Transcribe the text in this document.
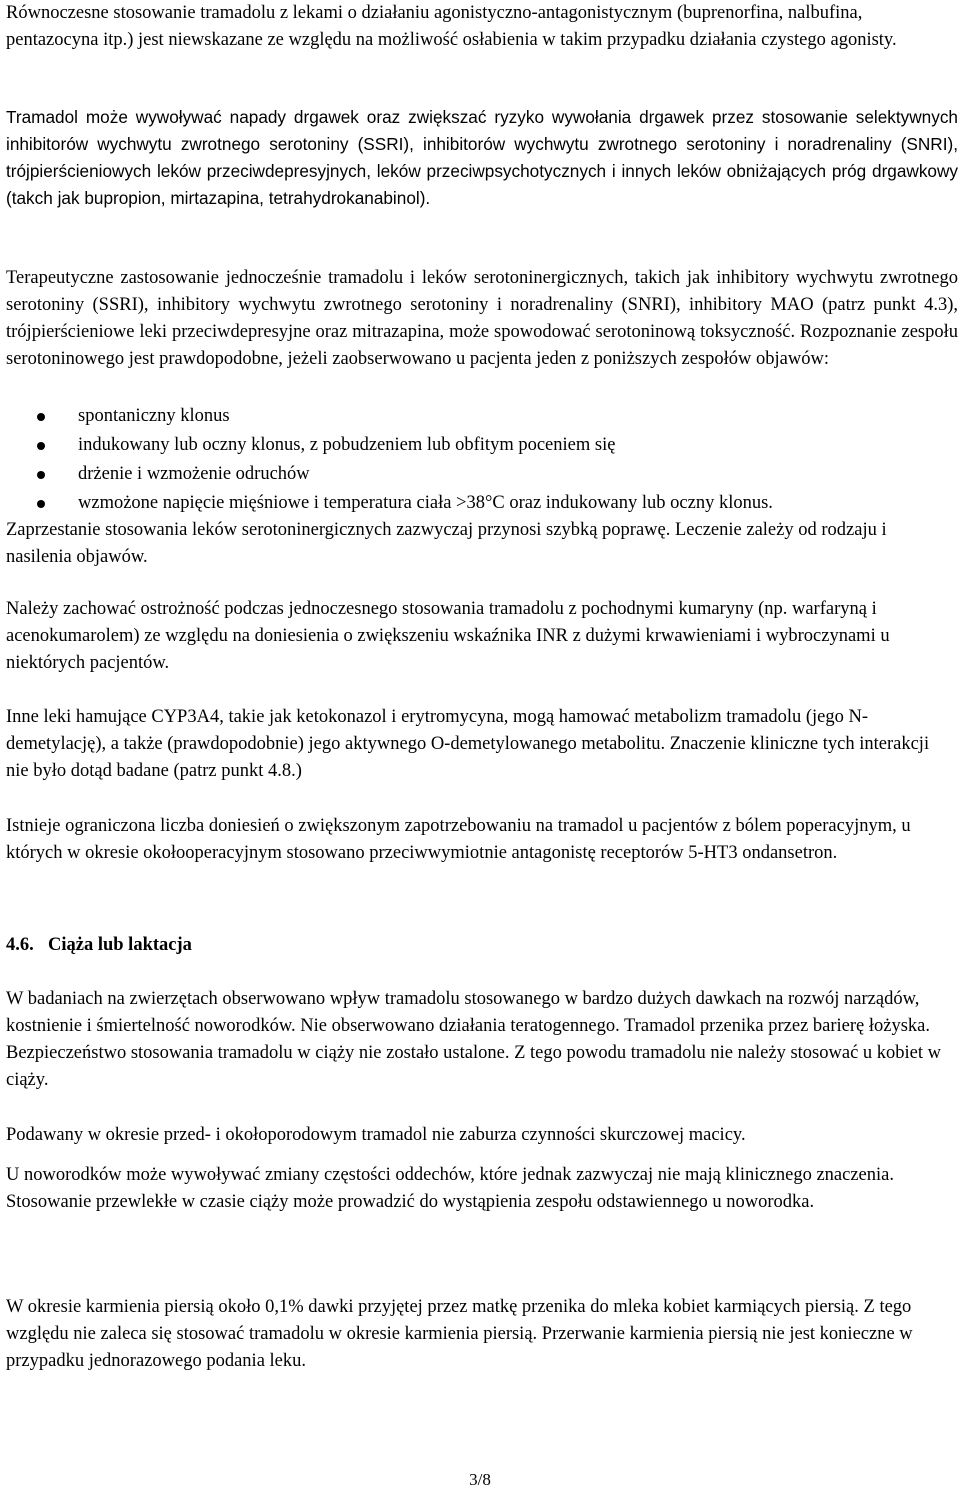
Równoczesne stosowanie tramadolu z lekami o działaniu agonistyczno-antagonistycznym (buprenorfina, nalbufina, pentazocyna itp.) jest niewskazane ze względu na możliwość osłabienia w takim przypadku działania czystego agonisty.

Tramadol może wywoływać napady drgawek oraz zwiększać ryzyko wywołania drgawek przez stosowanie selektywnych inhibitorów wychwytu zwrotnego serotoniny (SSRI), inhibitorów wychwytu zwrotnego serotoniny i noradrenaliny (SNRI), trójpierścieniowych leków przeciwdepresyjnych, leków przeciwpsychotycznych i innych leków obniżających próg drgawkowy (takch jak bupropion, mirtazapina, tetrahydrokanabinol).

Terapeutyczne zastosowanie jednocześnie tramadolu i leków serotoninergicznych, takich jak inhibitory wychwytu zwrotnego serotoniny (SSRI), inhibitory wychwytu zwrotnego serotoniny i noradrenaliny (SNRI), inhibitory MAO (patrz punkt 4.3), trójpierścieniowe leki przeciwdepresyjne oraz mitrazapina, może spowodować serotoninową toksyczność. Rozpoznanie zespołu serotoninowego jest prawdopodobne, jeżeli zaobserwowano u pacjenta jeden z poniższych zespołów objawów:

spontaniczny klonus
indukowany lub oczny klonus, z pobudzeniem lub obfitym poceniem się
drżenie i wzmożenie odruchów
wzmożone napięcie mięśniowe i temperatura ciała >38°C oraz indukowany lub oczny klonus.

Zaprzestanie stosowania leków serotoninergicznych zazwyczaj przynosi szybką poprawę. Leczenie zależy od rodzaju i nasilenia objawów.

Należy zachować ostrożność podczas jednoczesnego stosowania tramadolu z pochodnymi kumaryny (np. warfaryną i acenokumarolem) ze względu na doniesienia o zwiększeniu wskaźnika INR z dużymi krwawieniami i wybroczynami u niektórych pacjentów.

Inne leki hamujące CYP3A4, takie jak ketokonazol i erytromycyna, mogą hamować metabolizm tramadolu (jego N-demetylację), a także (prawdopodobnie) jego aktywnego O-demetylowanego metabolitu. Znaczenie kliniczne tych interakcji nie było dotąd badane (patrz punkt 4.8.)

Istnieje ograniczona liczba doniesień o zwiększonym zapotrzebowaniu na tramadol u pacjentów z bólem poperacyjnym, u których w okresie okołooperacyjnym stosowano przeciwwymiotnie antagonistę receptorów 5-HT3 ondansetron.

4.6. Ciąża lub laktacja

W badaniach na zwierzętach obserwowano wpływ tramadolu stosowanego w bardzo dużych dawkach na rozwój narządów, kostnienie i śmiertelność noworodków. Nie obserwowano działania teratogennego. Tramadol przenika przez barierę łożyska. Bezpieczeństwo stosowania tramadolu w ciąży nie zostało ustalone. Z tego powodu tramadolu nie należy stosować u kobiet w ciąży.

Podawany w okresie przed- i okołoporodowym tramadol nie zaburza czynności skurczowej macicy.

U noworodków może wywoływać zmiany częstości oddechów, które jednak zazwyczaj nie mają klinicznego znaczenia. Stosowanie przewlekłe w czasie ciąży może prowadzić do wystąpienia zespołu odstawiennego u noworodka.

W okresie karmienia piersią około 0,1% dawki przyjętej przez matkę przenika do mleka kobiet karmiących piersią. Z tego względu nie zaleca się stosować tramadolu w okresie karmienia piersią. Przerwanie karmienia piersią nie jest konieczne w przypadku jednorazowego podania leku.

3/8
